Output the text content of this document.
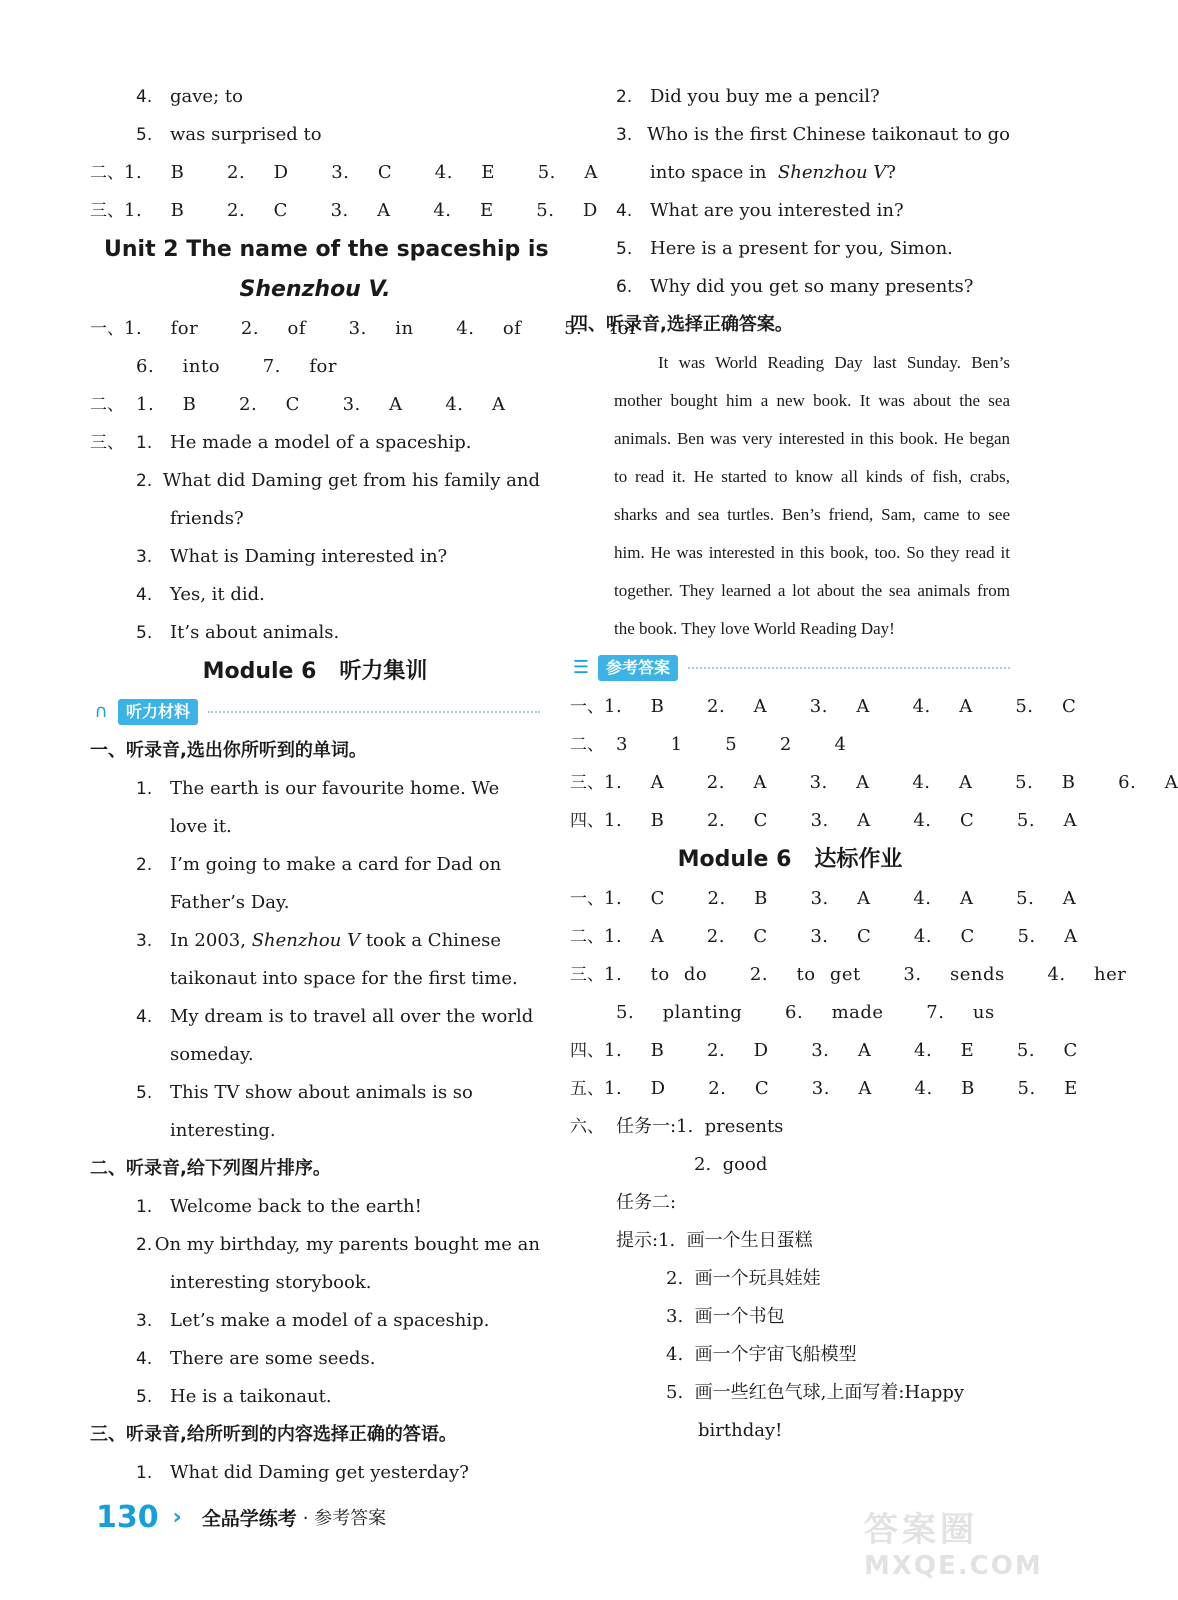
4. gave; to
5. was surprised to
二、 1.  B   2.  D   3.  C   4.  E   5.  A
三、 1.  B   2.  C   3.  A   4.  E   5.  D
Unit 2 The name of the spaceship is
Shenzhou V.
一、 1.  for   2.  of   3.  in   4.  of   5.  for
6.  into   7.  for
二、 1.  B   2.  C   3.  A   4.  A
三、 1. He made a model of a spaceship.
2. What did Daming get from his family and
friends?
3. What is Daming interested in?
4. Yes, it did.
5. It’s about animals.
Module 6   听力集训
∩	听力材料
一、听录音,选出你所听到的单词。
1. The earth is our favourite home. We
love it.
2. I’m going to make a card for Dad on
Father’s Day.
3. In 2003, Shenzhou V took a Chinese
taikonaut into space for the first time.
4. My dream is to travel all over the world
someday.
5. This TV show about animals is so
interesting.
二、听录音,给下列图片排序。
1. Welcome back to the earth!
2. On my birthday, my parents bought me an
interesting storybook.
3. Let’s make a model of a spaceship.
4. There are some seeds.
5. He is a taikonaut.
三、听录音,给所听到的内容选择正确的答语。
1. What did Daming get yesterday?
2. Did you buy me a pencil?
3. Who is the first Chinese taikonaut to go
into space in Shenzhou V ?
4. What are you interested in?
5. Here is a present for you, Simon.
6. Why did you get so many presents?
四、听录音,选择正确答案。
It was World Reading Day last Sunday. Ben’s mother bought him a new book. It was about the sea animals. Ben was very interested in this book. He began to read it. He started to know all kinds of fish, crabs, sharks and sea turtles. Ben’s friend, Sam, came to see him. He was interested in this book, too. So they read it together. They learned a lot about the sea animals from the book. They love World Reading Day!
☰	参考答案
一、 1.  B   2.  A   3.  A   4.  A   5.  C
二、 3   1   5   2   4
三、 1.  A   2.  A   3.  A   4.  A   5.  B   6.  A
四、 1.  B   2.  C   3.  A   4.  C   5.  A
Module 6   达标作业
一、 1.  C   2.  B   3.  A   4.  A   5.  A
二、 1.  A   2.  C   3.  C   4.  C   5.  A
三、 1.  to do   2.  to get   3.  sends   4.  her
5.  planting   6.  made   7.  us
四、 1.  B   2.  D   3.  A   4.  E   5.  C
五、 1.  D   2.  C   3.  A   4.  B   5.  E
六、 任务一:1.  presents
2.  good
任务二:
提示:1.  画一个生日蛋糕
2.  画一个玩具娃娃
3.  画一个书包
4.  画一个宇宙飞船模型
5.  画一些红色气球,上面写着:Happy
birthday!
130 › 全品学练考 · 参考答案	答案圈
MXQE.COM
